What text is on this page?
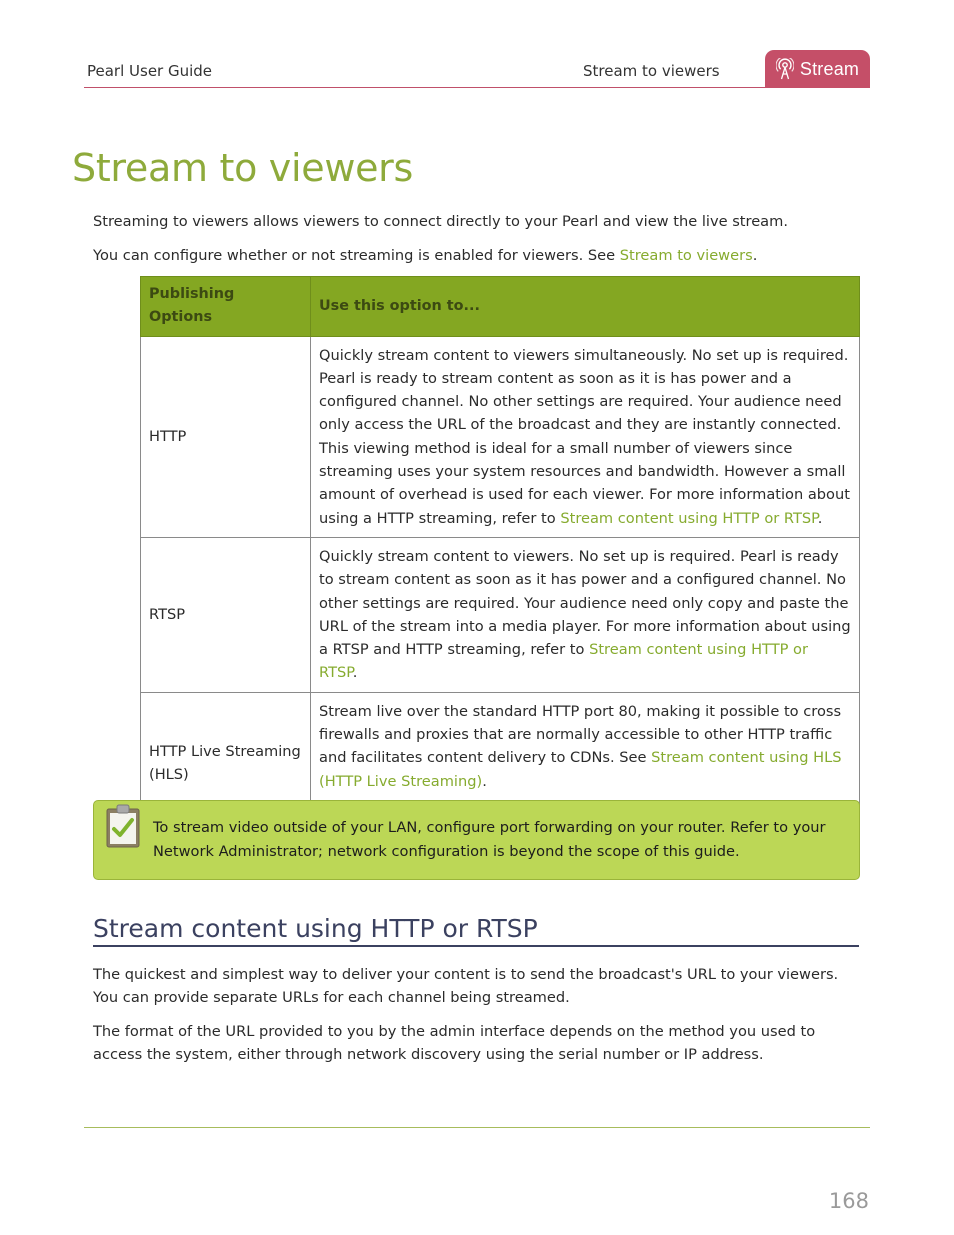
Pearl User Guide	Stream to viewers	Stream
Stream to viewers

Streaming to viewers allows viewers to connect directly to your Pearl and view the live stream.

You can configure whether or not streaming is enabled for viewers. See Stream to viewers.

Publishing Options	Use this option to...
HTTP	Quickly stream content to viewers simultaneously. No set up is required. Pearl is ready to stream content as soon as it is has power and a configured channel. No other settings are required. Your audience need only access the URL of the broadcast and they are instantly connected. This viewing method is ideal for a small number of viewers since streaming uses your system resources and bandwidth. However a small amount of overhead is used for each viewer. For more information about using a HTTP streaming, refer to Stream content using HTTP or RTSP.
RTSP	Quickly stream content to viewers. No set up is required. Pearl is ready to stream content as soon as it has power and a configured channel. No other settings are required. Your audience need only copy and paste the URL of the stream into a media player. For more information about using a RTSP and HTTP streaming, refer to Stream content using HTTP or RTSP.
HTTP Live Streaming (HLS)	Stream live over the standard HTTP port 80, making it possible to cross firewalls and proxies that are normally accessible to other HTTP traffic and facilitates content delivery to CDNs. See Stream content using HLS (HTTP Live Streaming).

To stream video outside of your LAN, configure port forwarding on your router. Refer to your Network Administrator; network configuration is beyond the scope of this guide.
Stream content using HTTP or RTSP

The quickest and simplest way to deliver your content is to send the broadcast's URL to your viewers. You can provide separate URLs for each channel being streamed.

The format of the URL provided to you by the admin interface depends on the method you used to access the system, either through network discovery using the serial number or IP address.

168
